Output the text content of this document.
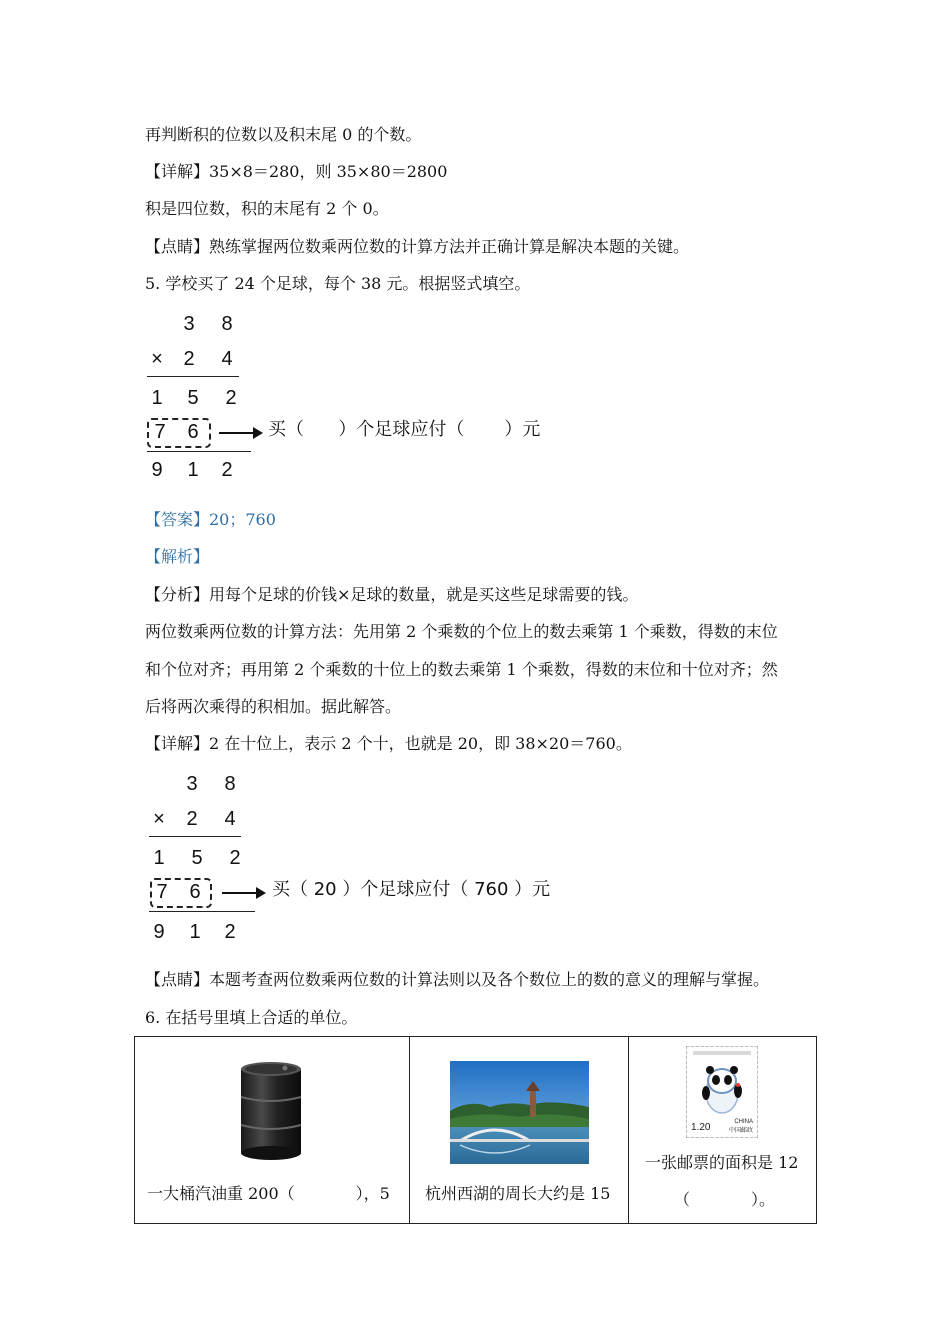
再判断积的位数以及积末尾 0 的个数。
【详解】35×8＝280，则 35×80＝2800
积是四位数，积的末尾有 2 个 0。
【点睛】熟练掌握两位数乘两位数的计算方法并正确计算是解决本题的关键。
5. 学校买了 24 个足球，每个 38 元。根据竖式填空。
3 8
× 2 4
1 5 2
7 6	买（      ）个足球应付（       ）元
9 1 2
【答案】20；760
【解析】
【分析】用每个足球的价钱×足球的数量，就是买这些足球需要的钱。
两位数乘两位数的计算方法：先用第 2 个乘数的个位上的数去乘第 1 个乘数，得数的末位
和个位对齐；再用第 2 个乘数的十位上的数去乘第 1 个乘数，得数的末位和十位对齐；然
后将两次乘得的积相加。据此解答。
【详解】2 在十位上，表示 2 个十，也就是 20，即 38×20＝760。
3 8
× 2 4
1 5 2
7 6	买（ 20 ）个足球应付（ 760 ）元
9 1 2
【点睛】本题考查两位数乘两位数的计算法则以及各个数位上的数的意义的理解与掌握。
6. 在括号里填上合适的单位。
一大桶汽油重 200（            ），5	杭州西湖的周长大约是 15

1.20	CHINA
中国邮政
一张邮票的面积是 12
（            ）。
